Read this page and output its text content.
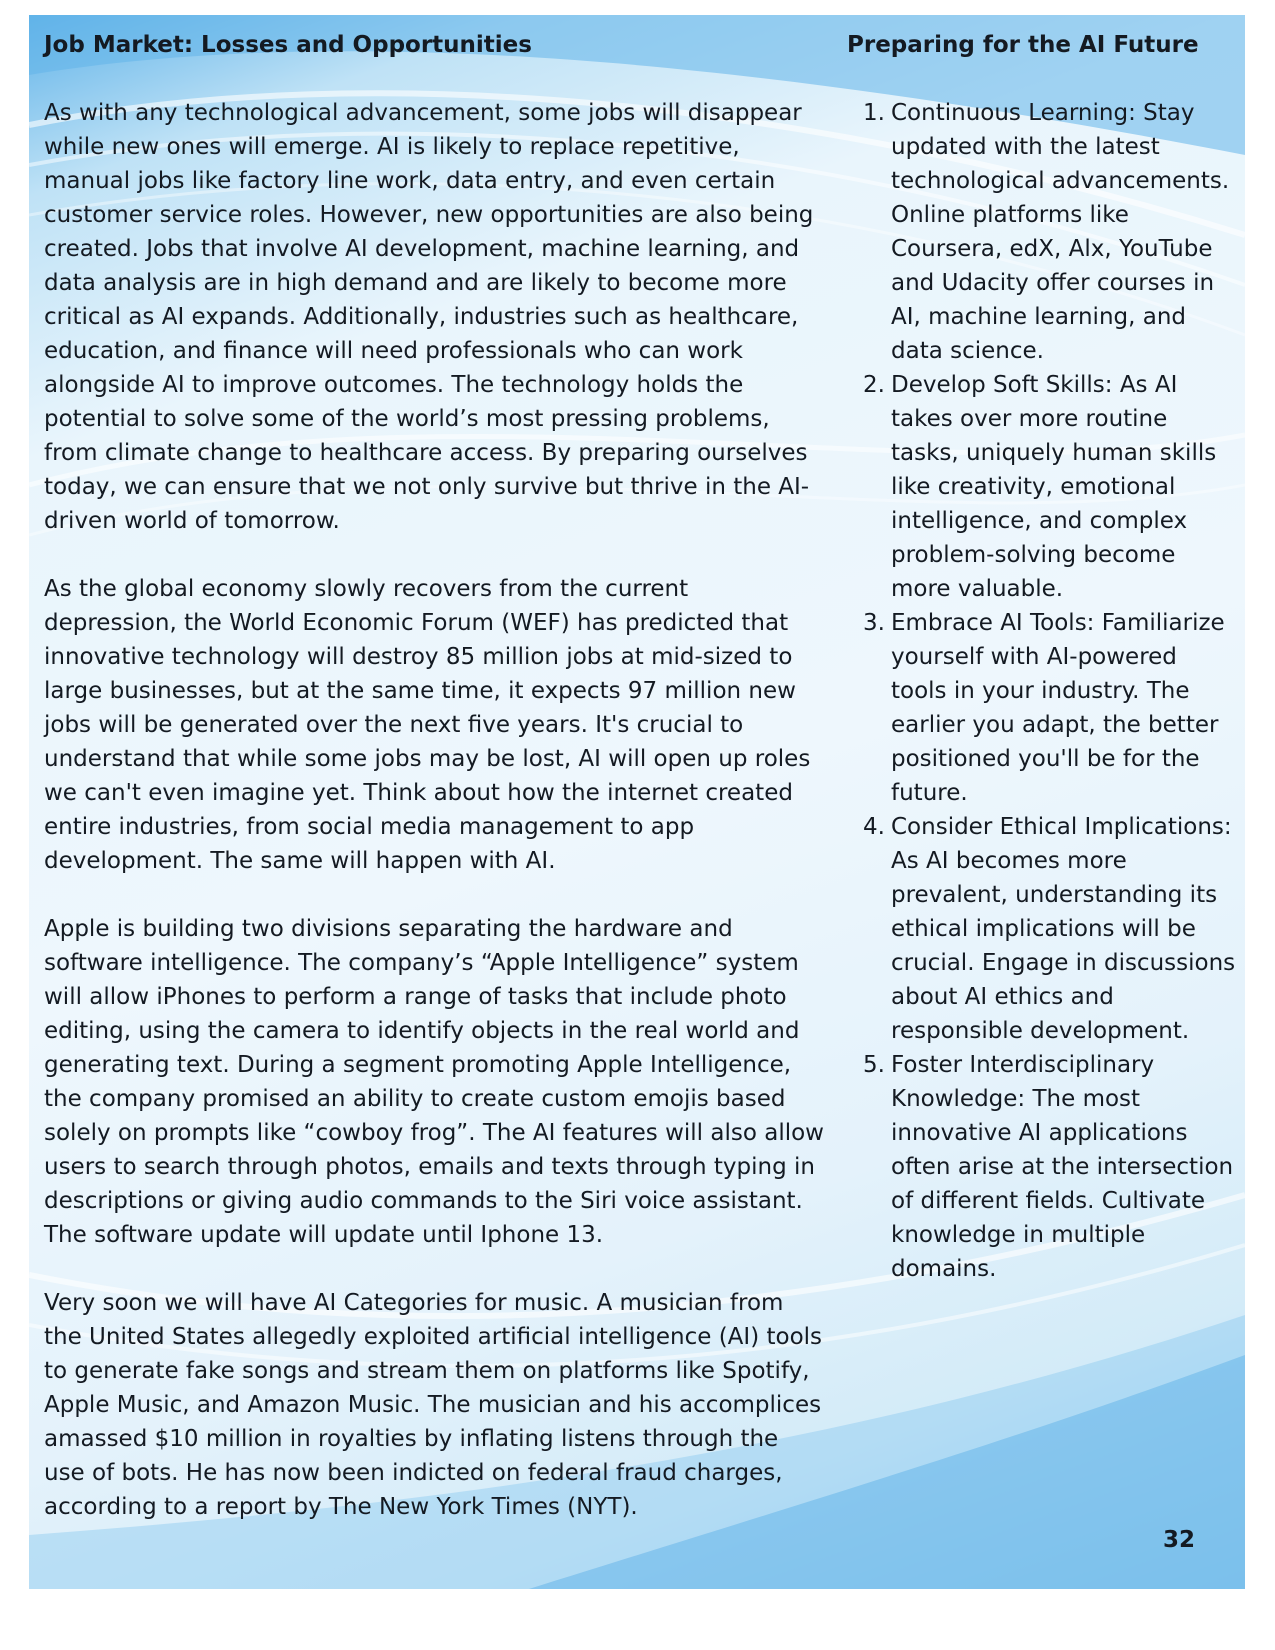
Job Market: Losses and Opportunities

As with any technological advancement, some jobs will disappear while new ones will emerge. AI is likely to replace repetitive, manual jobs like factory line work, data entry, and even certain customer service roles. However, new opportunities are also being created. Jobs that involve AI development, machine learning, and data analysis are in high demand and are likely to become more critical as AI expands. Additionally, industries such as healthcare, education, and finance will need professionals who can work alongside AI to improve outcomes. The technology holds the potential to solve some of the world’s most pressing problems, from climate change to healthcare access. By preparing ourselves today, we can ensure that we not only survive but thrive in the AI-driven world of tomorrow.

As the global economy slowly recovers from the current depression, the World Economic Forum (WEF) has predicted that innovative technology will destroy 85 million jobs at mid-sized to large businesses, but at the same time, it expects 97 million new jobs will be generated over the next five years. It's crucial to understand that while some jobs may be lost, AI will open up roles we can't even imagine yet. Think about how the internet created entire industries, from social media management to app development. The same will happen with AI.

Apple is building two divisions separating the hardware and software intelligence. The company’s “Apple Intelligence” system will allow iPhones to perform a range of tasks that include photo editing, using the camera to identify objects in the real world and generating text. During a segment promoting Apple Intelligence, the company promised an ability to create custom emojis based solely on prompts like “cowboy frog”. The AI features will also allow users to search through photos, emails and texts through typing in descriptions or giving audio commands to the Siri voice assistant. The software update will update until Iphone 13.

Very soon we will have AI Categories for music. A musician from the United States allegedly exploited artificial intelligence (AI) tools to generate fake songs and stream them on platforms like Spotify, Apple Music, and Amazon Music. The musician and his accomplices amassed $10 million in royalties by inflating listens through the use of bots. He has now been indicted on federal fraud charges, according to a report by The New York Times (NYT).

Preparing for the AI Future
1. Continuous Learning: Stay updated with the latest technological advancements. Online platforms like Coursera, edX, Alx, YouTube and Udacity offer courses in AI, machine learning, and data science.
2. Develop Soft Skills: As AI takes over more routine tasks, uniquely human skills like creativity, emotional intelligence, and complex problem-solving become more valuable.
3. Embrace AI Tools: Familiarize yourself with AI-powered tools in your industry. The earlier you adapt, the better positioned you'll be for the future.
4. Consider Ethical Implications: As AI becomes more prevalent, understanding its ethical implications will be crucial. Engage in discussions about AI ethics and responsible development.
5. Foster Interdisciplinary Knowledge: The most innovative AI applications often arise at the intersection of different fields. Cultivate knowledge in multiple domains.
32
